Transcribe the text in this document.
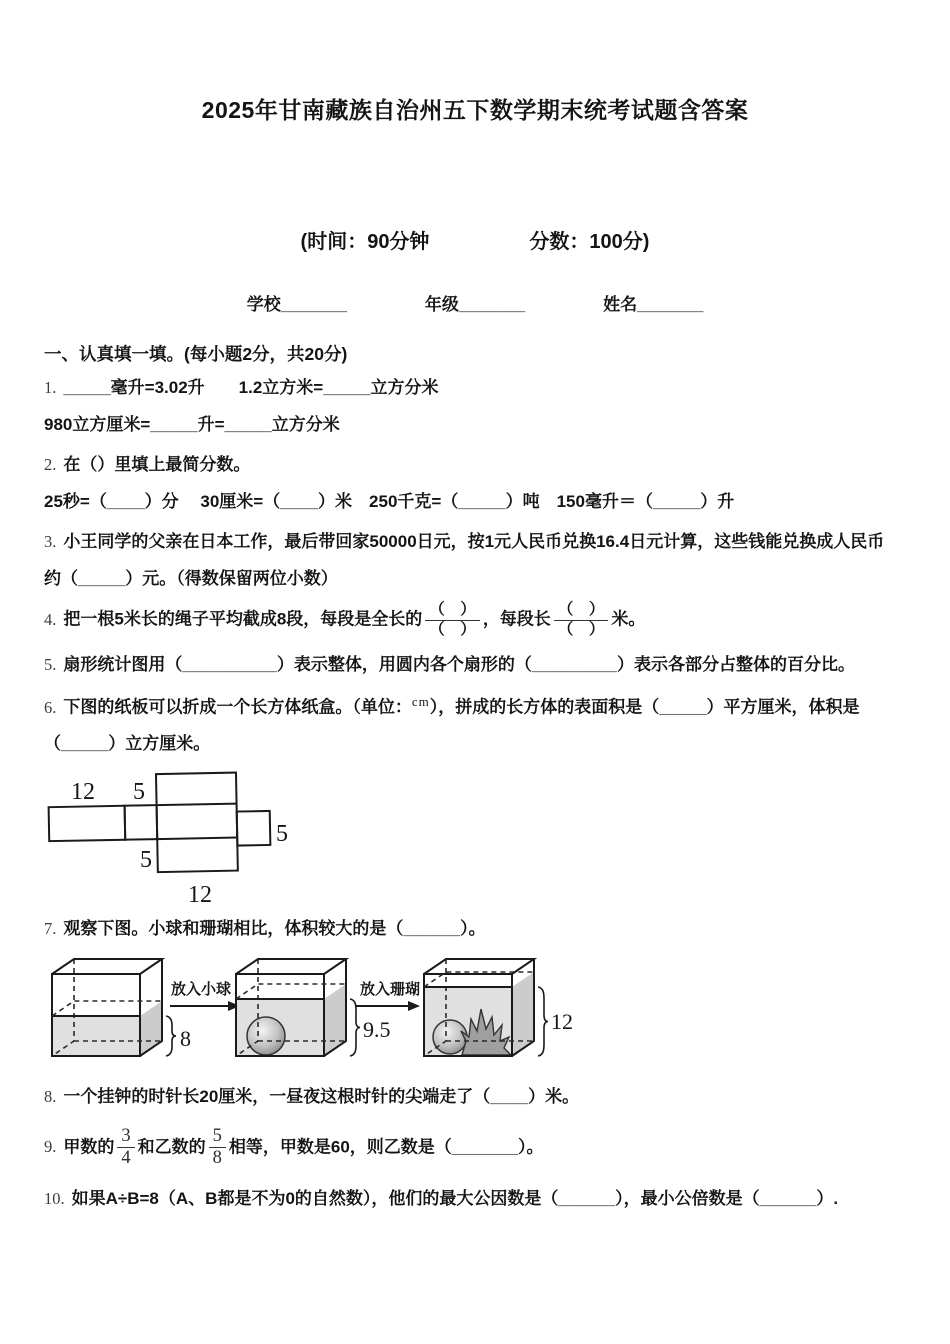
2025年甘南藏族自治州五下数学期末统考试题含答案
(时间：90分钟　　　　　分数：100分)
学校_______	年级_______	姓名_______
一、认真填一填。(每小题2分，共20分)

1. _____毫升=3.02升　　1.2立方米=_____立方分米
980立方厘米=_____升=_____立方分米

2. 在（）里填上最简分数。
25秒=（____）分　 30厘米=（____）米　250千克=（_____）吨　150毫升＝（_____）升

3. 小王同学的父亲在日本工作，最后带回家50000日元，按1元人民币兑换16.4日元计算，这些钱能兑换成人民币
约（_____）元。（得数保留两位小数）

4. 把一根5米长的绳子平均截成8段，每段是全长的 $\frac{( )}{( )}$ ，每段长 $\frac{( )}{( )}$ 米。

5. 扇形统计图用（__________）表示整体，用圆内各个扇形的（_________）表示各部分占整体的百分比。

6. 下图的纸板可以折成一个长方体纸盒。（单位：$^{cm}$），拼成的长方体的表面积是（_____）平方厘米，体积是
（_____）立方厘米。

12 5
5
5
12

7. 观察下图。小球和珊瑚相比，体积较大的是（______）。

8
放入小球
9.5
放入珊瑚
12

8. 一个挂钟的时针长20厘米，一昼夜这根时针的尖端走了（____）米。

9. 甲数的 $\frac{3}{4}$ 和乙数的 $\frac{5}{8}$ 相等，甲数是60，则乙数是（_______）。

10. 如果A÷B=8（A、B都是不为0的自然数），他们的最大公因数是（______），最小公倍数是（______）.
